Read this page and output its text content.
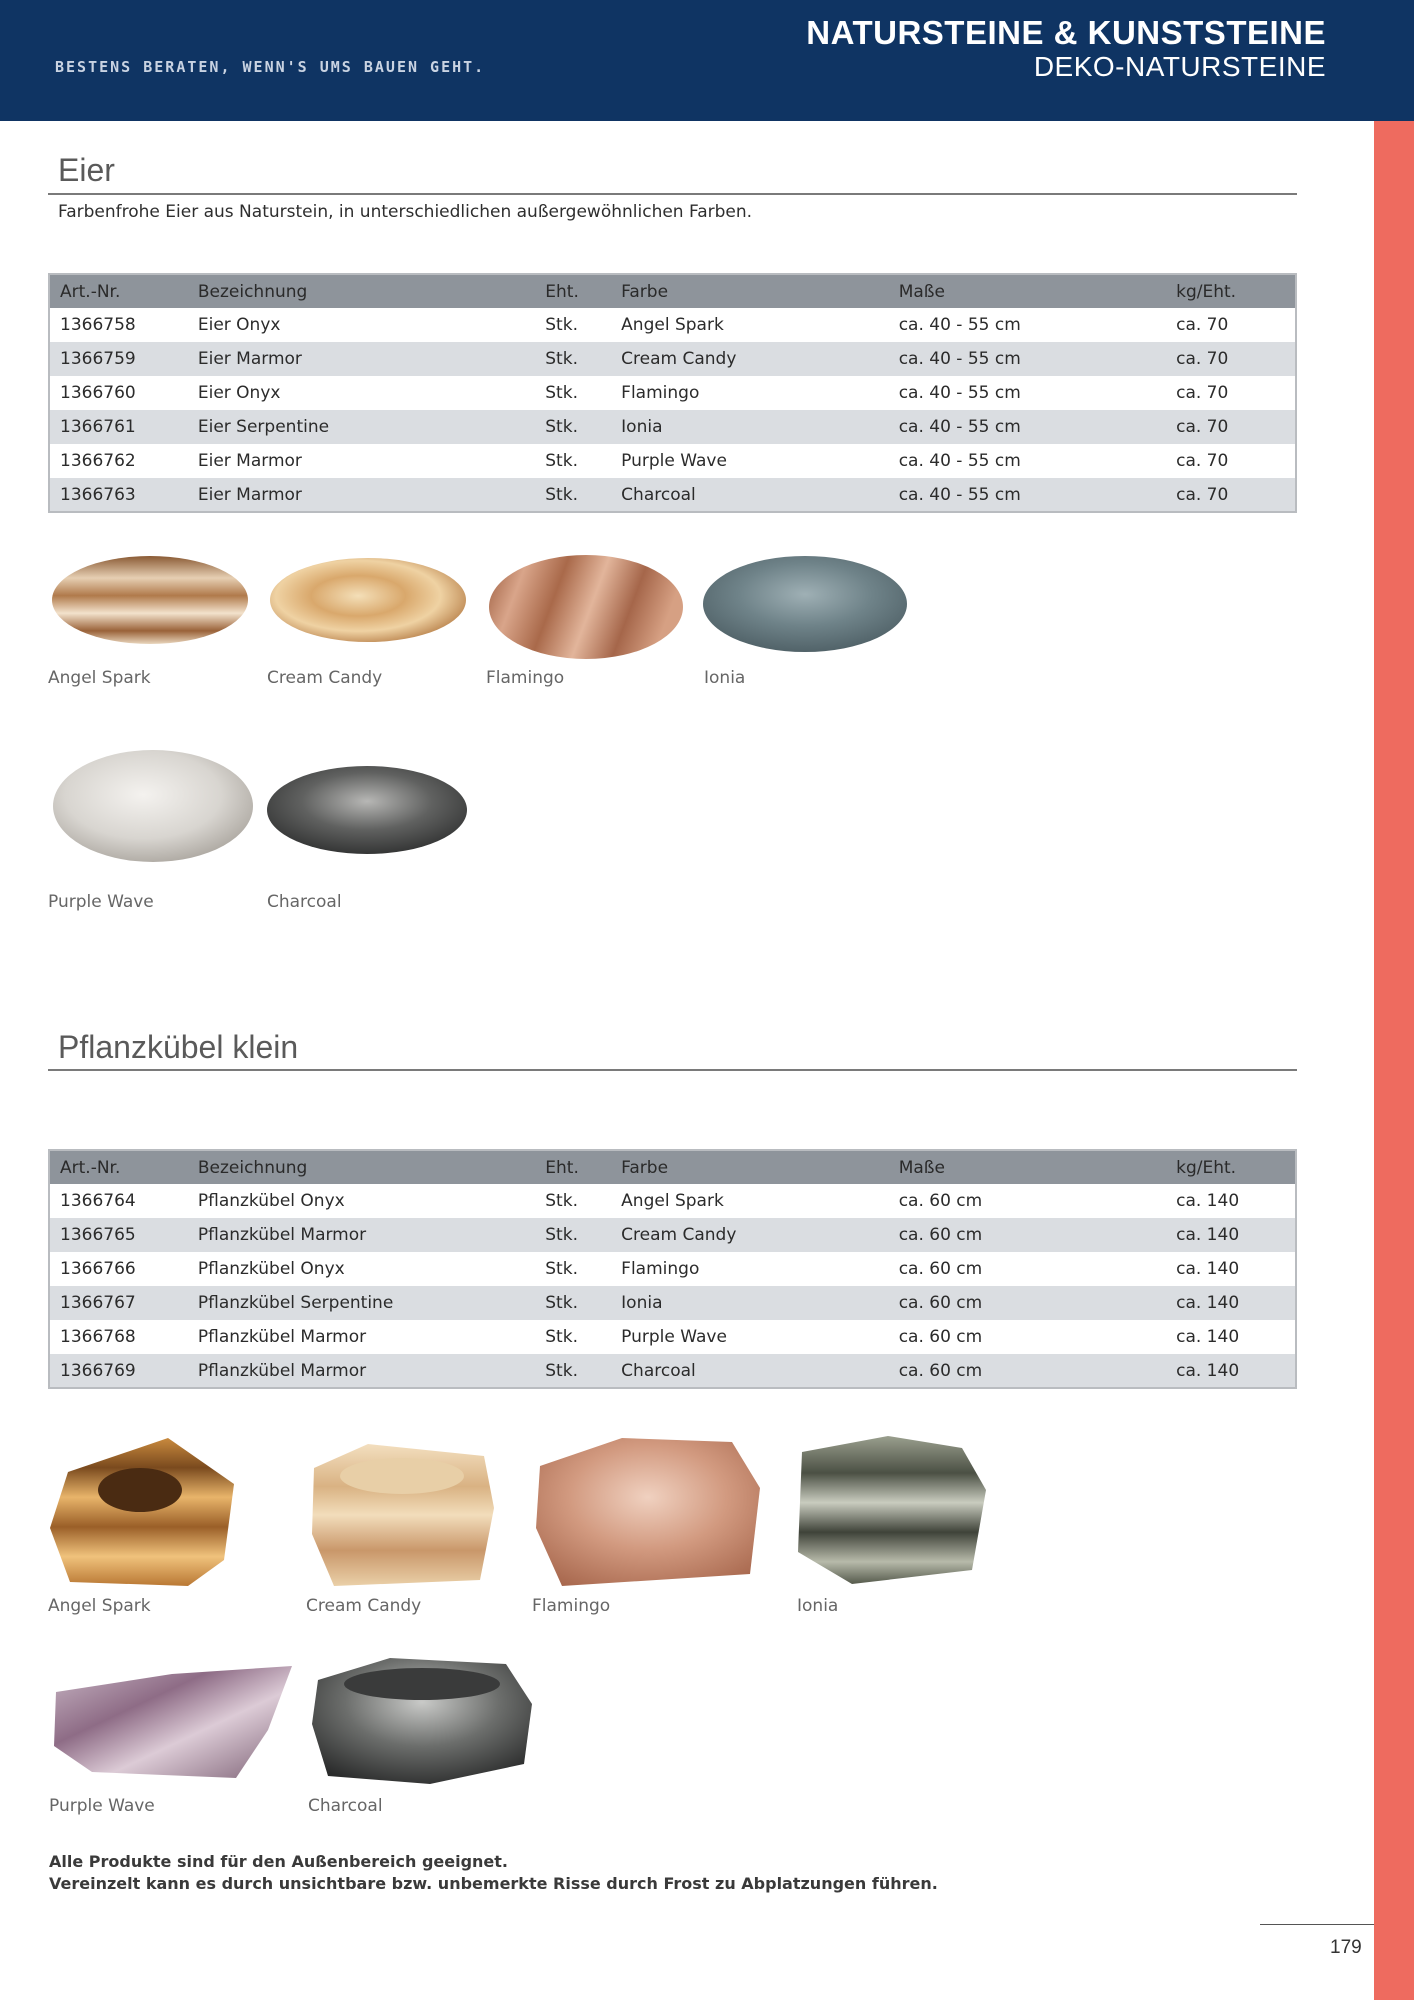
BESTENS BERATEN, WENN'S UMS BAUEN GEHT.
NATURSTEINE & KUNSTSTEINE
DEKO-NATURSTEINE
Eier
Farbenfrohe Eier aus Naturstein, in unterschiedlichen außergewöhnlichen Farben.
Art.-Nr.	Bezeichnung	Eht.	Farbe	Maße	kg/Eht.
1366758	Eier Onyx	Stk.	Angel Spark	ca. 40 - 55 cm	ca. 70
1366759	Eier Marmor	Stk.	Cream Candy	ca. 40 - 55 cm	ca. 70
1366760	Eier Onyx	Stk.	Flamingo	ca. 40 - 55 cm	ca. 70
1366761	Eier Serpentine	Stk.	Ionia	ca. 40 - 55 cm	ca. 70
1366762	Eier Marmor	Stk.	Purple Wave	ca. 40 - 55 cm	ca. 70
1366763	Eier Marmor	Stk.	Charcoal	ca. 40 - 55 cm	ca. 70
Angel Spark	Cream Candy	Flamingo	Ionia
Purple Wave	Charcoal
Pflanzkübel klein
Art.-Nr.	Bezeichnung	Eht.	Farbe	Maße	kg/Eht.
1366764	Pflanzkübel Onyx	Stk.	Angel Spark	ca. 60 cm	ca. 140
1366765	Pflanzkübel Marmor	Stk.	Cream Candy	ca. 60 cm	ca. 140
1366766	Pflanzkübel Onyx	Stk.	Flamingo	ca. 60 cm	ca. 140
1366767	Pflanzkübel Serpentine	Stk.	Ionia	ca. 60 cm	ca. 140
1366768	Pflanzkübel Marmor	Stk.	Purple Wave	ca. 60 cm	ca. 140
1366769	Pflanzkübel Marmor	Stk.	Charcoal	ca. 60 cm	ca. 140
Angel Spark	Cream Candy	Flamingo	Ionia
Purple Wave	Charcoal
Alle Produkte sind für den Außenbereich geeignet.
Vereinzelt kann es durch unsichtbare bzw. unbemerkte Risse durch Frost zu Abplatzungen führen.
179
